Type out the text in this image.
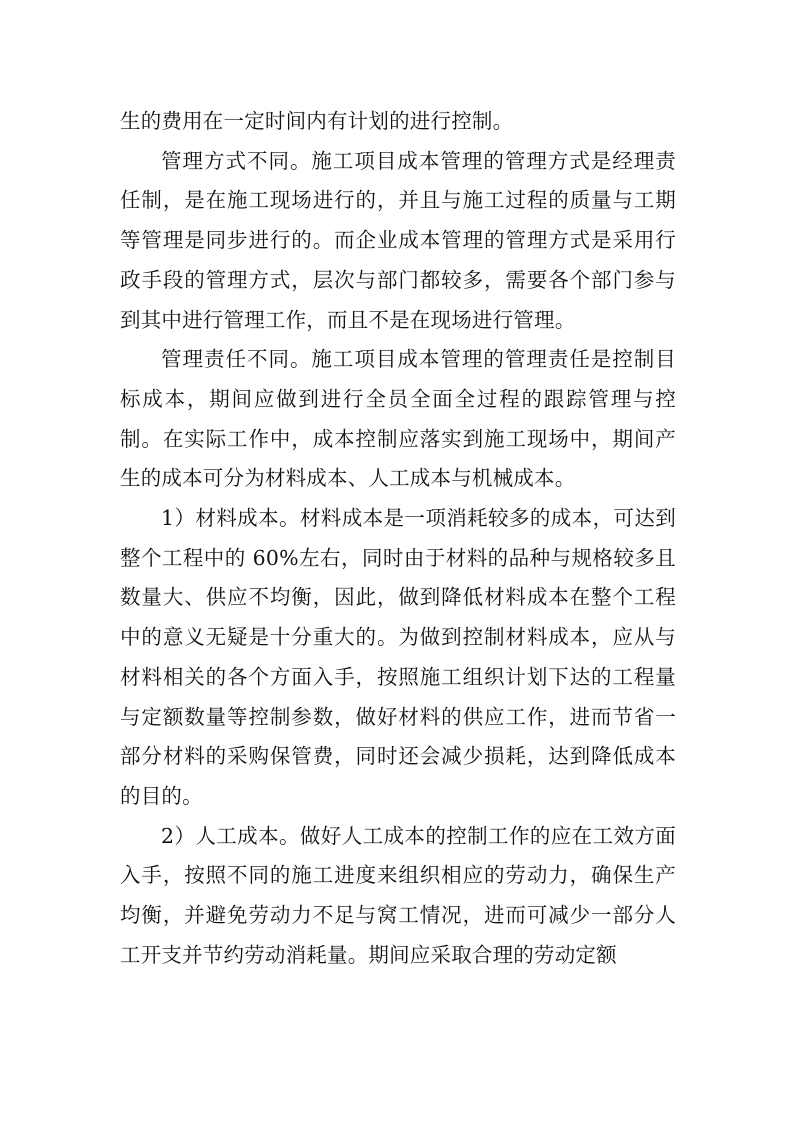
生的费用在一定时间内有计划的进行控制。

管理方式不同。施工项目成本管理的管理方式是经理责任制，是在施工现场进行的，并且与施工过程的质量与工期等管理是同步进行的。而企业成本管理的管理方式是采用行政手段的管理方式，层次与部门都较多，需要各个部门参与到其中进行管理工作，而且不是在现场进行管理。

管理责任不同。施工项目成本管理的管理责任是控制目标成本，期间应做到进行全员全面全过程的跟踪管理与控制。在实际工作中，成本控制应落实到施工现场中，期间产生的成本可分为材料成本、人工成本与机械成本。

1）材料成本。材料成本是一项消耗较多的成本，可达到整个工程中的 60%左右，同时由于材料的品种与规格较多且数量大、供应不均衡，因此，做到降低材料成本在整个工程中的意义无疑是十分重大的。为做到控制材料成本，应从与材料相关的各个方面入手，按照施工组织计划下达的工程量与定额数量等控制参数，做好材料的供应工作，进而节省一部分材料的采购保管费，同时还会减少损耗，达到降低成本的目的。

2）人工成本。做好人工成本的控制工作的应在工效方面入手，按照不同的施工进度来组织相应的劳动力，确保生产均衡，并避免劳动力不足与窝工情况，进而可减少一部分人工开支并节约劳动消耗量。期间应采取合理的劳动定额
